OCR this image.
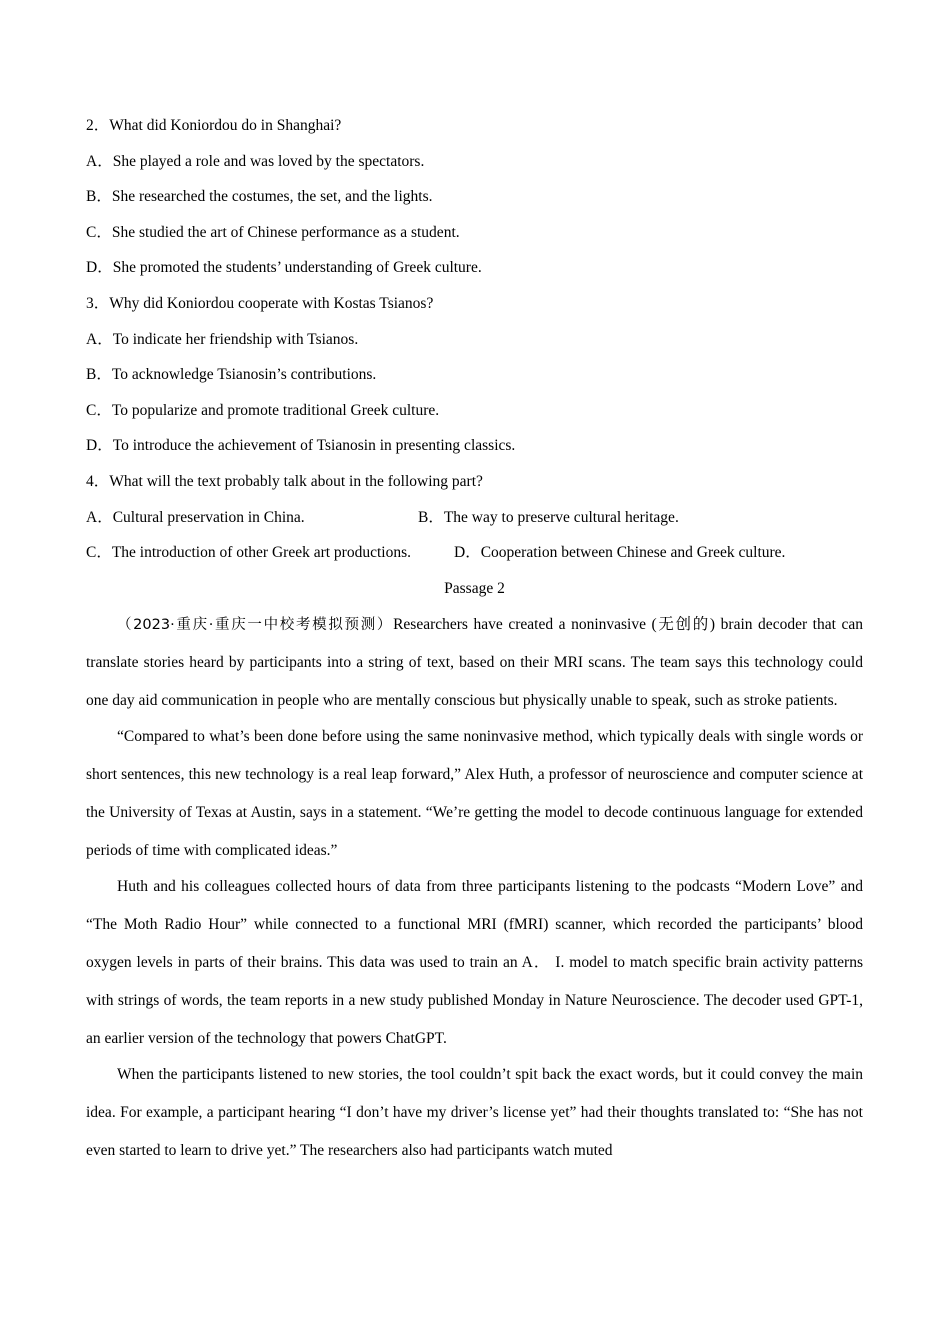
2．What did Koniordou do in Shanghai?
A．She played a role and was loved by the spectators.
B．She researched the costumes, the set, and the lights.
C．She studied the art of Chinese performance as a student.
D．She promoted the students’ understanding of Greek culture.
3．Why did Koniordou cooperate with Kostas Tsianos?
A．To indicate her friendship with Tsianos.
B．To acknowledge Tsianosin’s contributions.
C．To popularize and promote traditional Greek culture.
D．To introduce the achievement of Tsianosin in presenting classics.
4．What will the text probably talk about in the following part?
A．Cultural preservation in China.	B．The way to preserve cultural heritage.
C．The introduction of other Greek art productions.	D．Cooperation between Chinese and Greek culture.
Passage 2

（2023·重庆·重庆一中校考模拟预测）Researchers have created a noninvasive (无创的) brain decoder that can translate stories heard by participants into a string of text, based on their MRI scans. The team says this technology could one day aid communication in people who are mentally conscious but physically unable to speak, such as stroke patients.

“Compared to what’s been done before using the same noninvasive method, which typically deals with single words or short sentences, this new technology is a real leap forward,” Alex Huth, a professor of neuroscience and computer science at the University of Texas at Austin, says in a statement. “We’re getting the model to decode continuous language for extended periods of time with complicated ideas.”

Huth and his colleagues collected hours of data from three participants listening to the podcasts “Modern Love” and “The Moth Radio Hour” while connected to a functional MRI (fMRI) scanner, which recorded the participants’ blood oxygen levels in parts of their brains. This data was used to train an A． I. model to match specific brain activity patterns with strings of words, the team reports in a new study published Monday in Nature Neuroscience. The decoder used GPT-1, an earlier version of the technology that powers ChatGPT.

When the participants listened to new stories, the tool couldn’t spit back the exact words, but it could convey the main idea. For example, a participant hearing “I don’t have my driver’s license yet” had their thoughts translated to: “She has not even started to learn to drive yet.” The researchers also had participants watch muted
